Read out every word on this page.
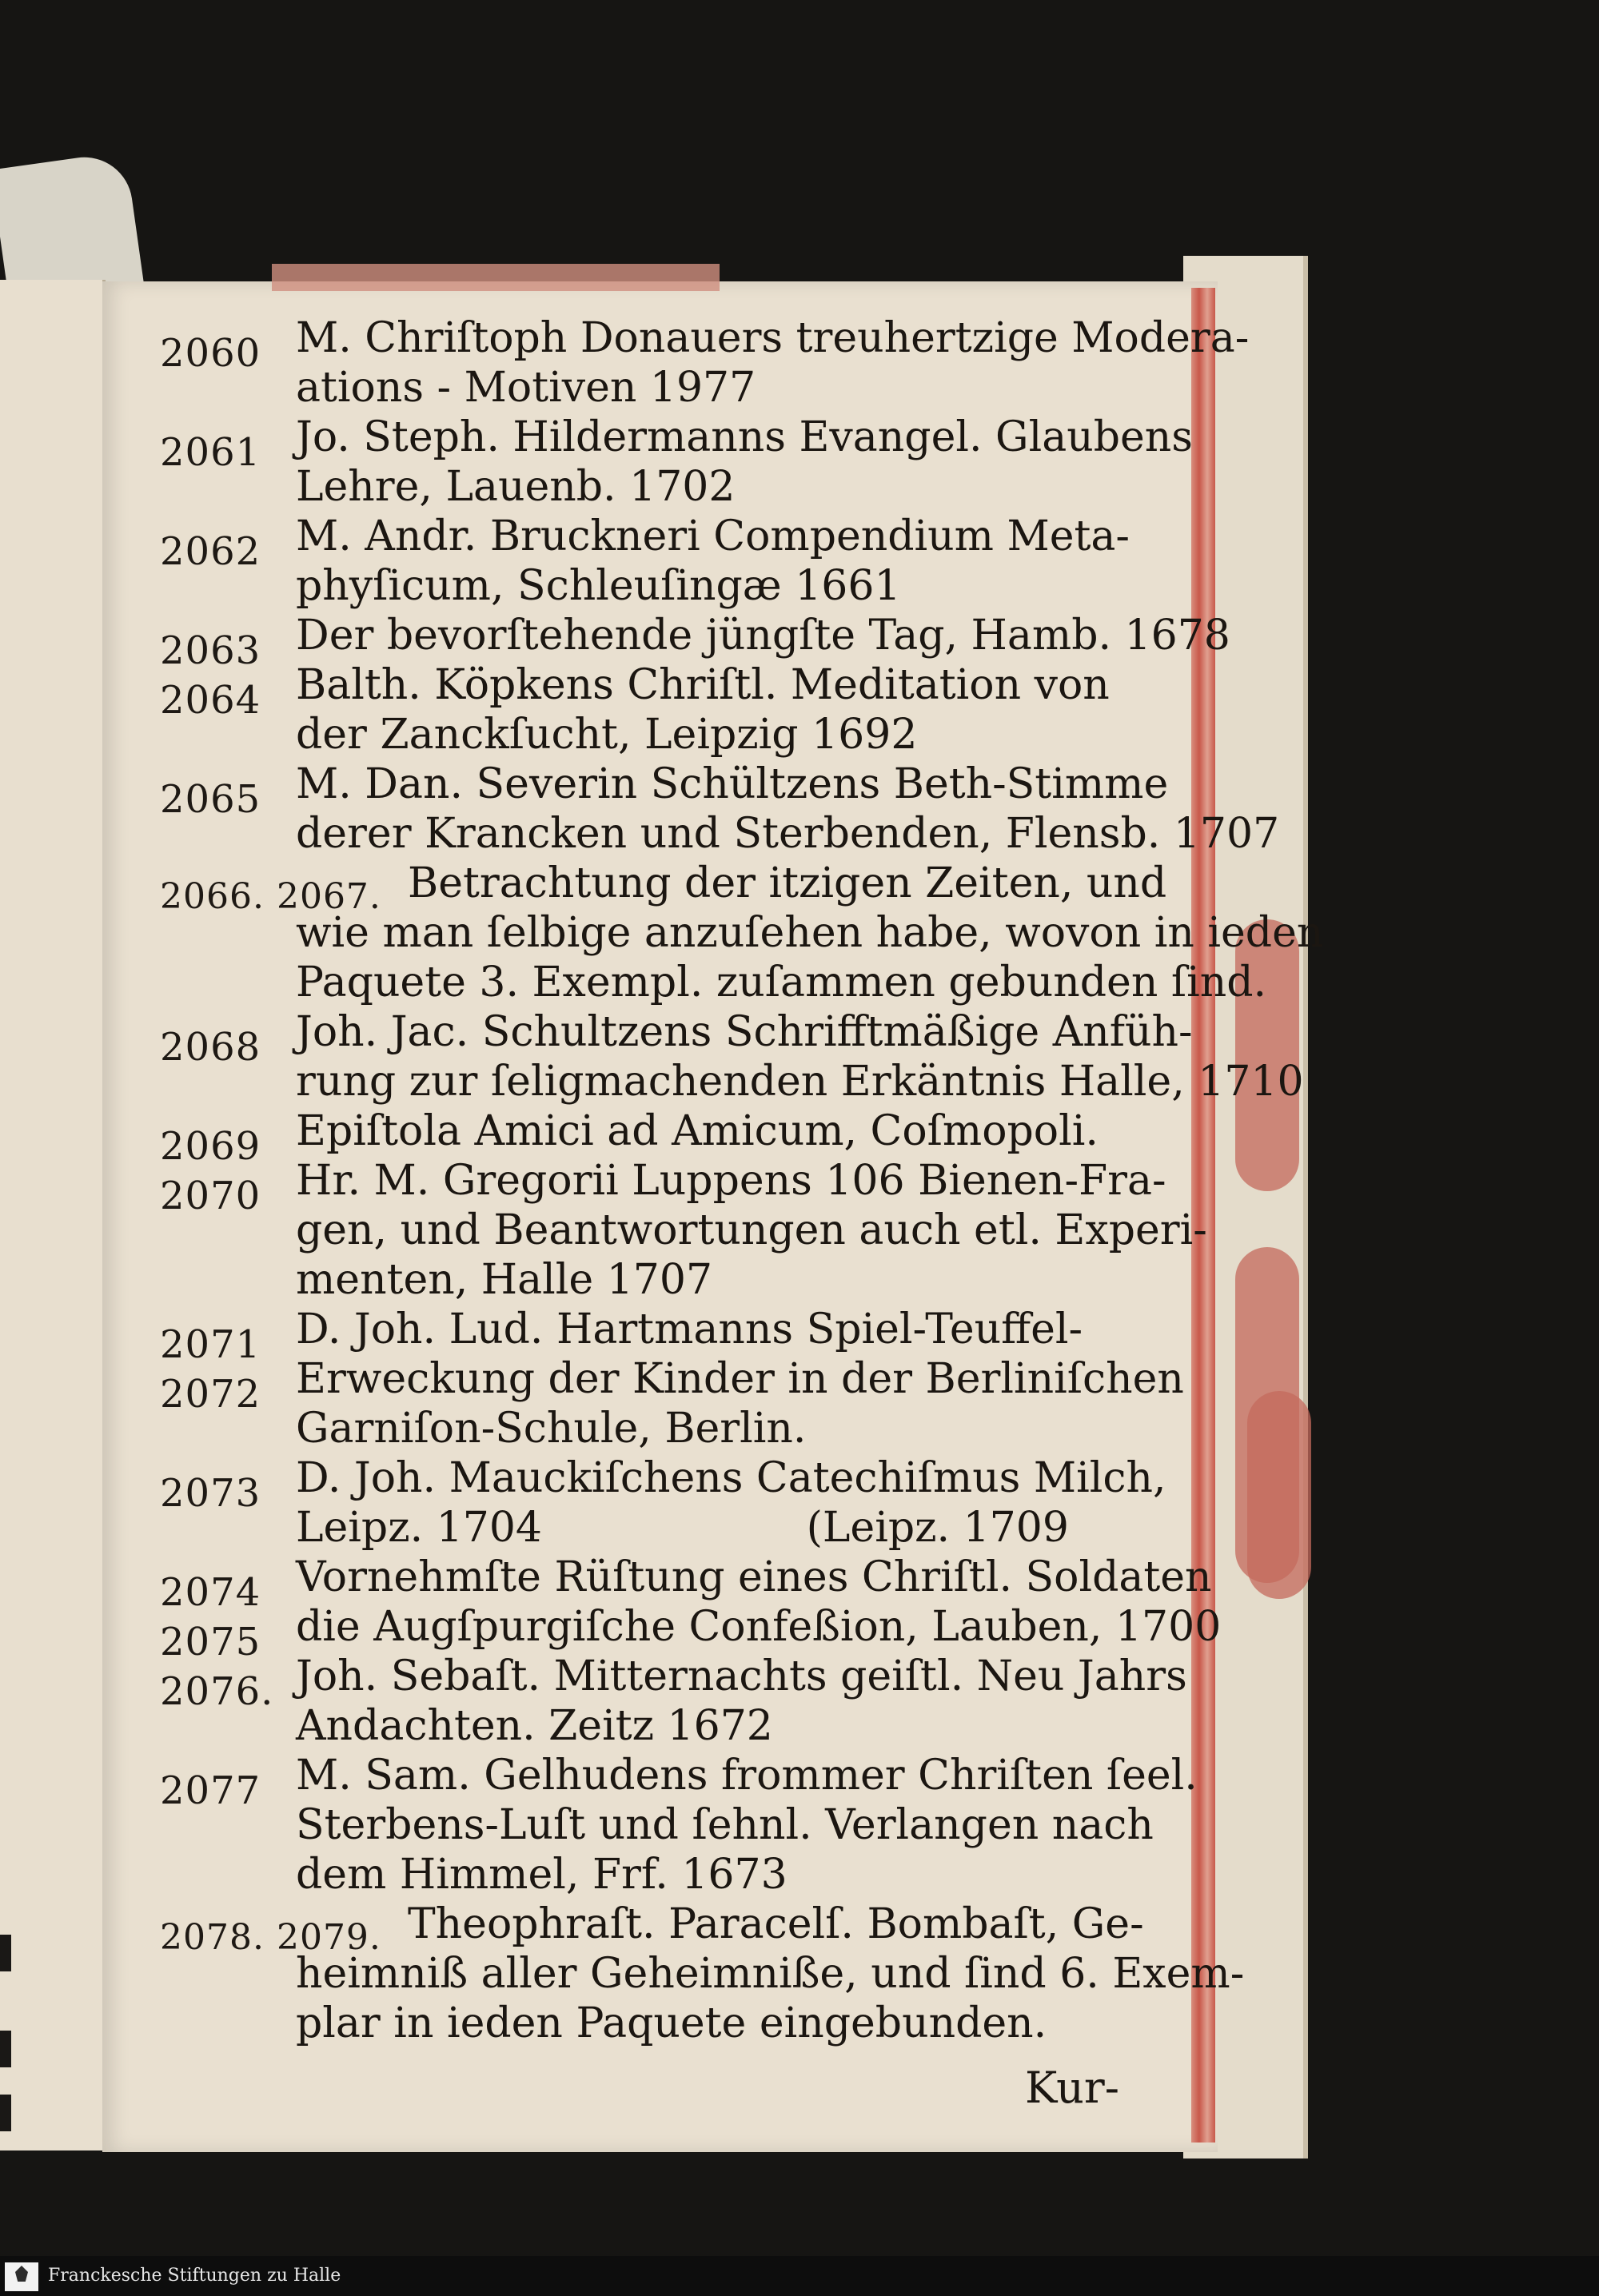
2060 M. Chriſtoph Donauers treuhertzige Modera-
ations - Motiven 1977
2061 Jo. Steph. Hildermanns Evangel. Glaubens
Lehre, Lauenb. 1702
2062 M. Andr. Bruckneri Compendium Meta-
phyſicum, Schleuſingæ 1661
2063 Der bevorſtehende jüngſte Tag, Hamb. 1678
2064 Balth. Köpkens Chriſtl. Meditation von
der Zanckſucht, Leipzig 1692
2065 M. Dan. Severin Schültzens Beth-Stimme
derer Krancken und Sterbenden, Flensb. 1707
2066. 2067. Betrachtung der itzigen Zeiten, und
wie man ſelbige anzuſehen habe, wovon in ieden
Paquete 3. Exempl. zuſammen gebunden ſind.
2068 Joh. Jac. Schultzens Schrifftmäßige Anfüh-
rung zur ſeligmachenden Erkäntnis Halle, 1710
2069 Epiſtola Amici ad Amicum, Coſmopoli.
2070 Hr. M. Gregorii Luppens 106 Bienen-Fra-
gen, und Beantwortungen auch etl. Experi-
menten, Halle 1707
2071 D. Joh. Lud. Hartmanns Spiel-Teuffel-
2072 Erweckung der Kinder in der Berliniſchen
Garniſon-Schule, Berlin.
2073 D. Joh. Mauckiſchens Catechiſmus Milch,
Leipz. 1704                    (Leipz. 1709
2074 Vornehmſte Rüſtung eines Chriſtl. Soldaten
2075 die Augſpurgiſche Confeßion, Lauben, 1700
2076. Joh. Sebaſt. Mitternachts geiſtl. Neu Jahrs
Andachten. Zeitz 1672
2077 M. Sam. Gelhudens frommer Chriſten ſeel.
Sterbens-Luſt und ſehnl. Verlangen nach
dem Himmel, Frf. 1673
2078. 2079. Theophraſt. Paracelſ. Bombaſt, Ge-
heimniß aller Geheimniße, und ſind 6. Exem-
plar in ieden Paquete eingebunden.
Kur-
Franckesche Stiftungen zu Halle
